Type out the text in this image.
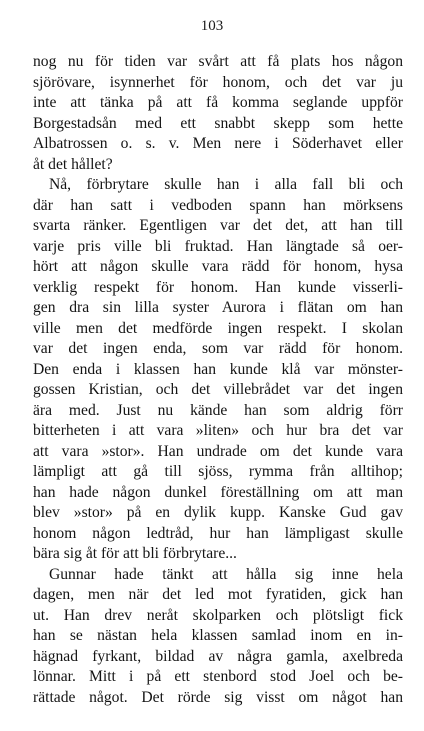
103
nog nu för tiden var svårt att få plats hos någon
sjörövare, isynnerhet för honom, och det var ju
inte att tänka på att få komma seglande uppför
Borgestadsån med ett snabbt skepp som hette
Albatrossen o. s. v. Men nere i Söderhavet eller
åt det hållet?
Nå, förbrytare skulle han i alla fall bli och
där han satt i vedboden spann han mörksens
svarta ränker. Egentligen var det det, att han till
varje pris ville bli fruktad. Han längtade så oer-
hört att någon skulle vara rädd för honom, hysa
verklig respekt för honom. Han kunde visserli-
gen dra sin lilla syster Aurora i flätan om han
ville men det medförde ingen respekt. I skolan
var det ingen enda, som var rädd för honom.
Den enda i klassen han kunde klå var mönster-
gossen Kristian, och det villebrådet var det ingen
ära med. Just nu kände han som aldrig förr
bitterheten i att vara »liten» och hur bra det var
att vara »stor». Han undrade om det kunde vara
lämpligt att gå till sjöss, rymma från alltihop;
han hade någon dunkel föreställning om att man
blev »stor» på en dylik kupp. Kanske Gud gav
honom någon ledtråd, hur han lämpligast skulle
bära sig åt för att bli förbrytare...
Gunnar hade tänkt att hålla sig inne hela
dagen, men när det led mot fyratiden, gick han
ut. Han drev neråt skolparken och plötsligt fick
han se nästan hela klassen samlad inom en in-
hägnad fyrkant, bildad av några gamla, axelbreda
lönnar. Mitt i på ett stenbord stod Joel och be-
rättade något. Det rörde sig visst om något han
